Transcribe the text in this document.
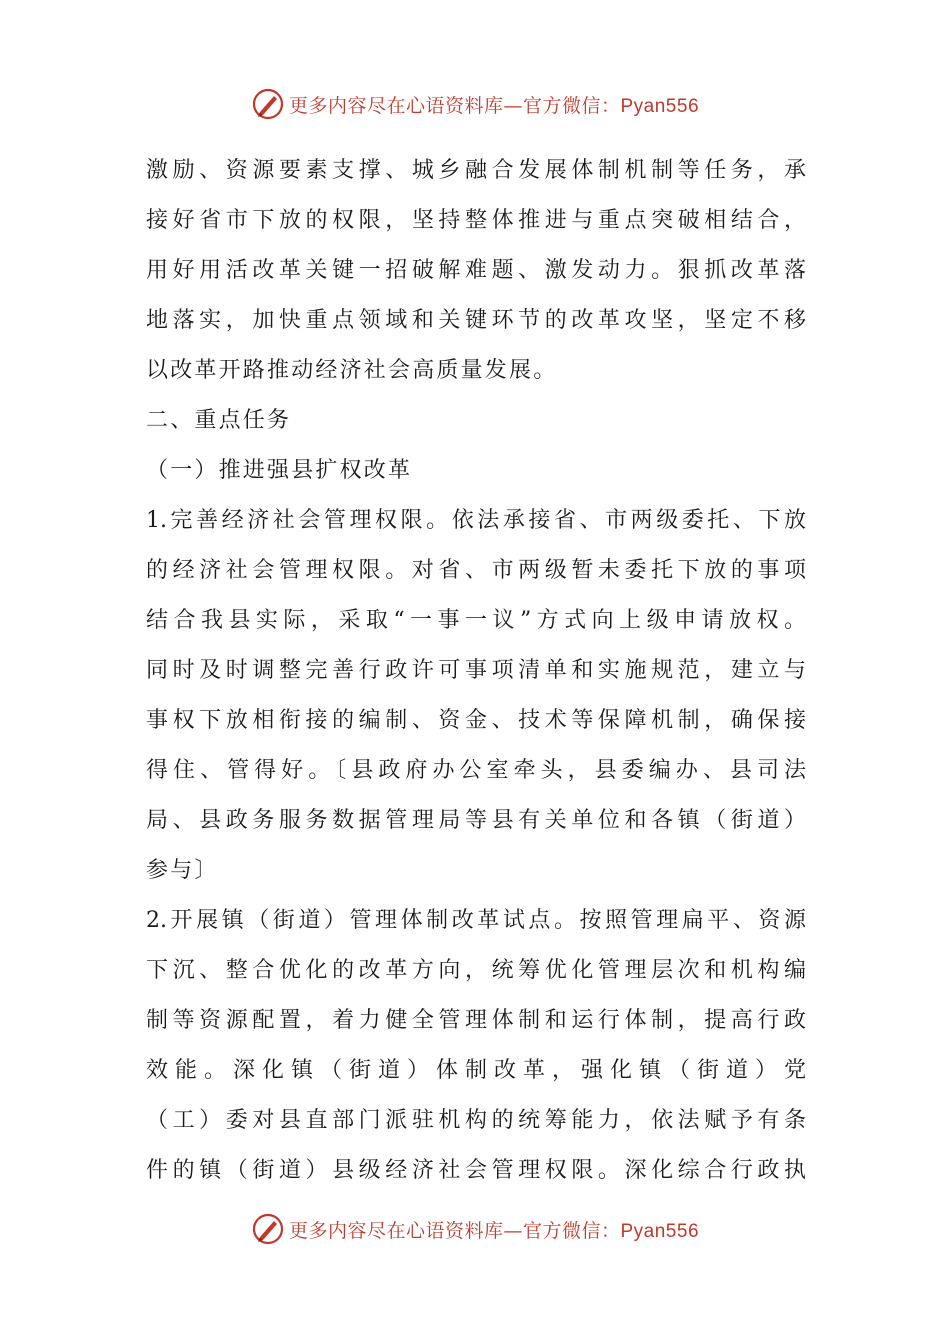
更多内容尽在心语资料库—官方微信：Pyan556
激励、资源要素支撑、城乡融合发展体制机制等任务，承
接好省市下放的权限，坚持整体推进与重点突破相结合，
用好用活改革关键一招破解难题、激发动力。狠抓改革落
地落实，加快重点领域和关键环节的改革攻坚，坚定不移
以改革开路推动经济社会高质量发展。
二、重点任务
（一）推进强县扩权改革
1.完善经济社会管理权限。依法承接省、市两级委托、下放
的经济社会管理权限。对省、市两级暂未委托下放的事项
结合我县实际，采取“一事一议”方式向上级申请放权。
同时及时调整完善行政许可事项清单和实施规范，建立与
事权下放相衔接的编制、资金、技术等保障机制，确保接
得住、管得好。〔县政府办公室牵头，县委编办、县司法
局、县政务服务数据管理局等县有关单位和各镇（街道）
参与〕
2.开展镇（街道）管理体制改革试点。按照管理扁平、资源
下沉、整合优化的改革方向，统筹优化管理层次和机构编
制等资源配置，着力健全管理体制和运行体制，提高行政
效能。深化镇（街道）体制改革，强化镇（街道）党
（工）委对县直部门派驻机构的统筹能力，依法赋予有条
件的镇（街道）县级经济社会管理权限。深化综合行政执
更多内容尽在心语资料库—官方微信：Pyan556
